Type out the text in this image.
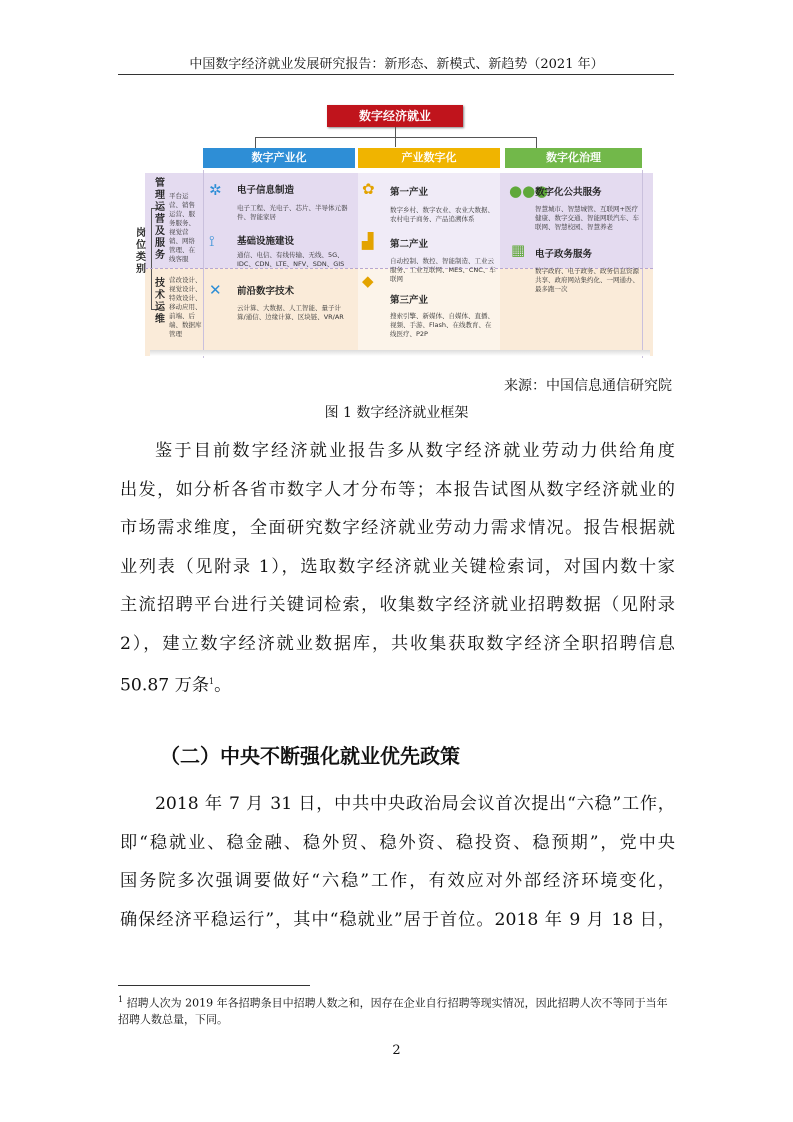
中国数字经济就业发展研究报告：新形态、新模式、新趋势（2021 年）
数字经济就业
数字产业化	产业数字化	数字化治理
岗位类别
管理运营及服务
平台运营、销售运营、服务服务、视觉营销、网络管理、在线客服
技术运维
营改设计、视觉设计、特效设计、移动应用、前端、后端、数据库管理
✲ 电子信息制造
电子工程、光电子、芯片、半导体元器件、智能家居
⟟ 基础设施建设
通信、电信、有线传输、无线、5G、IDC、CDN、LTE、NFV、SDN、GIS
✕ 前沿数字技术
云计算、大数据、人工智能、量子计算/通信、边缘计算、区块链、VR/AR
✿ 第一产业
数字乡村、数字农业、农业大数据、农村电子商务、产品追溯体系
▟ 第二产业
自动控制、数控、智能制造、工业云服务、工业互联网、MES、CNC、车联网
◆
第三产业
搜索引擎、新媒体、自媒体、直播、视频、手游、Flash、在线教育、在线医疗、P2P
●●●
数字化公共服务
智慧城市、智慧城管、互联网+医疗健康、数字交通、智能网联汽车、车联网、智慧校园、智慧养老
▦ 电子政务服务
数字政府、电子政务、政务信息资源共享、政府网站集约化、一网通办、最多跑一次
来源：中国信息通信研究院
图 1 数字经济就业框架
鉴于目前数字经济就业报告多从数字经济就业劳动力供给角度
出发，如分析各省市数字人才分布等；本报告试图从数字经济就业的
市场需求维度，全面研究数字经济就业劳动力需求情况。报告根据就
业列表（见附录 1），选取数字经济就业关键检索词，对国内数十家
主流招聘平台进行关键词检索，收集数字经济就业招聘数据（见附录
2），建立数字经济就业数据库，共收集获取数字经济全职招聘信息
50.87 万条$^1$。
（二）中央不断强化就业优先政策
2018 年 7 月 31 日，中共中央政治局会议首次提出“六稳”工作，
即“稳就业、稳金融、稳外贸、稳外资、稳投资、稳预期”，党中央
国务院多次强调要做好“六稳”工作，有效应对外部经济环境变化，
确保经济平稳运行”，其中“稳就业”居于首位。2018 年 9 月 18 日，
$^1$ 招聘人次为 2019 年各招聘条目中招聘人数之和，因存在企业自行招聘等现实情况，因此招聘人次不等同于当年招聘人数总量，下同。
2
